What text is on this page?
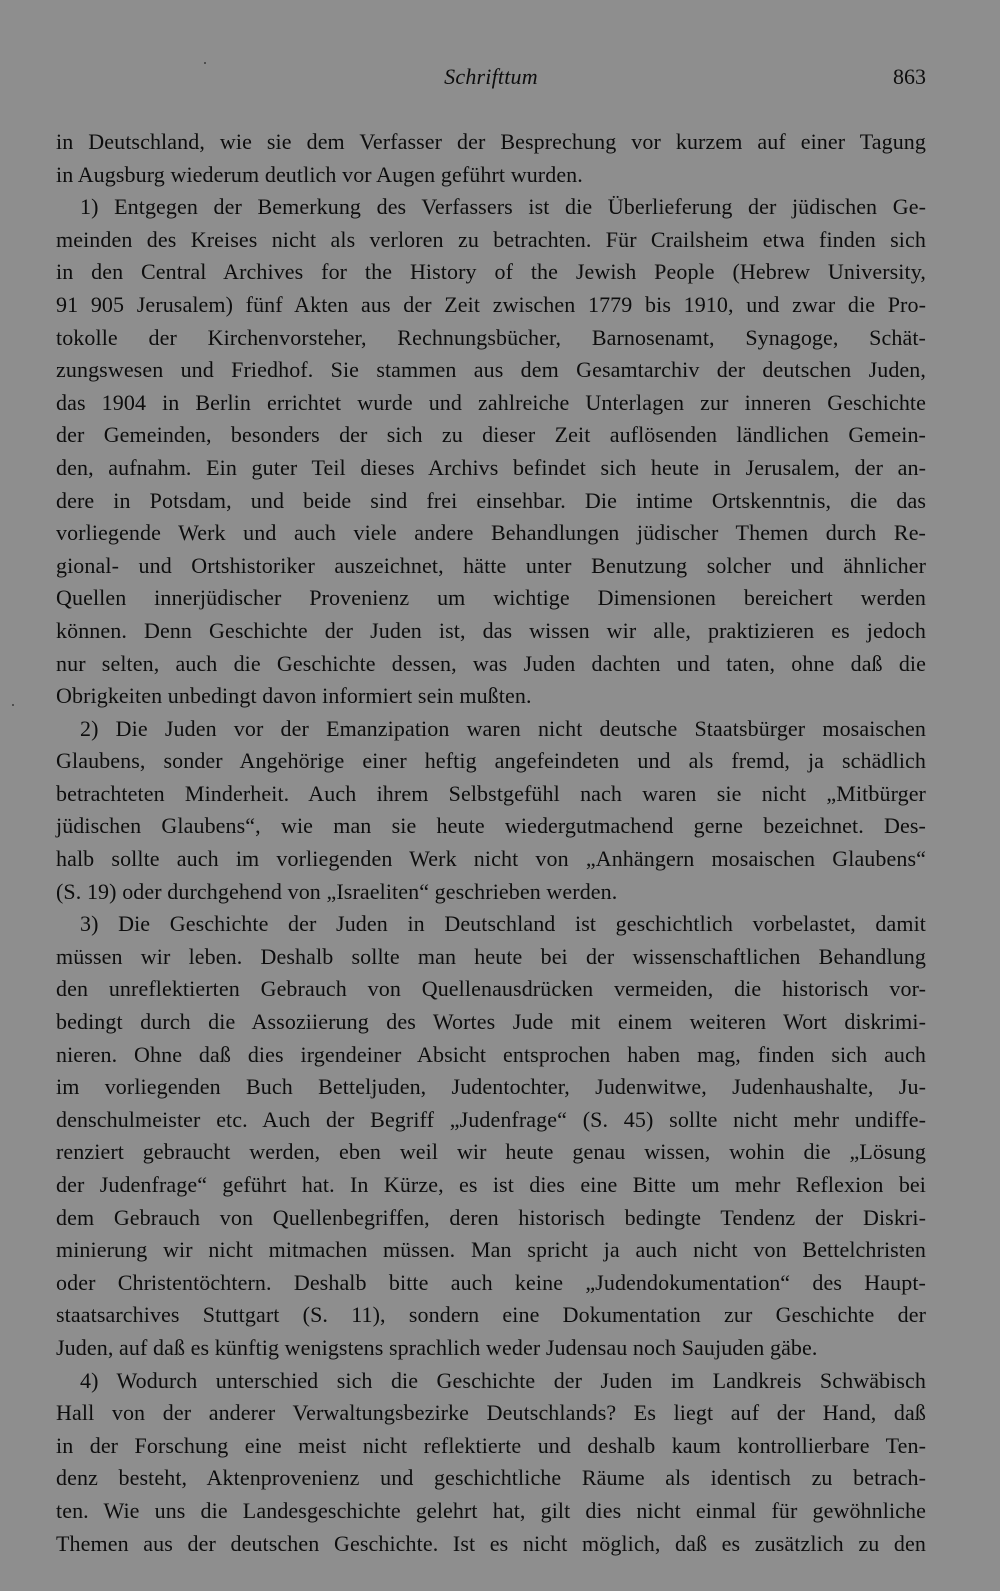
Schrifttum	863
in Deutschland, wie sie dem Verfasser der Besprechung vor kurzem auf einer Tagung
in Augsburg wiederum deutlich vor Augen geführt wurden.
1) Entgegen der Bemerkung des Verfassers ist die Überlieferung der jüdischen Ge-
meinden des Kreises nicht als verloren zu betrachten. Für Crailsheim etwa finden sich
in den Central Archives for the History of the Jewish People (Hebrew University,
91 905 Jerusalem) fünf Akten aus der Zeit zwischen 1779 bis 1910, und zwar die Pro-
tokolle der Kirchenvorsteher, Rechnungsbücher, Barnosenamt, Synagoge, Schät-
zungswesen und Friedhof. Sie stammen aus dem Gesamtarchiv der deutschen Juden,
das 1904 in Berlin errichtet wurde und zahlreiche Unterlagen zur inneren Geschichte
der Gemeinden, besonders der sich zu dieser Zeit auflösenden ländlichen Gemein-
den, aufnahm. Ein guter Teil dieses Archivs befindet sich heute in Jerusalem, der an-
dere in Potsdam, und beide sind frei einsehbar. Die intime Ortskenntnis, die das
vorliegende Werk und auch viele andere Behandlungen jüdischer Themen durch Re-
gional- und Ortshistoriker auszeichnet, hätte unter Benutzung solcher und ähnlicher
Quellen innerjüdischer Provenienz um wichtige Dimensionen bereichert werden
können. Denn Geschichte der Juden ist, das wissen wir alle, praktizieren es jedoch
nur selten, auch die Geschichte dessen, was Juden dachten und taten, ohne daß die
Obrigkeiten unbedingt davon informiert sein mußten.
2) Die Juden vor der Emanzipation waren nicht deutsche Staatsbürger mosaischen
Glaubens, sonder Angehörige einer heftig angefeindeten und als fremd, ja schädlich
betrachteten Minderheit. Auch ihrem Selbstgefühl nach waren sie nicht „Mitbürger
jüdischen Glaubens“, wie man sie heute wiedergutmachend gerne bezeichnet. Des-
halb sollte auch im vorliegenden Werk nicht von „Anhängern mosaischen Glaubens“
(S. 19) oder durchgehend von „Israeliten“ geschrieben werden.
3) Die Geschichte der Juden in Deutschland ist geschichtlich vorbelastet, damit
müssen wir leben. Deshalb sollte man heute bei der wissenschaftlichen Behandlung
den unreflektierten Gebrauch von Quellenausdrücken vermeiden, die historisch vor-
bedingt durch die Assoziierung des Wortes Jude mit einem weiteren Wort diskrimi-
nieren. Ohne daß dies irgendeiner Absicht entsprochen haben mag, finden sich auch
im vorliegenden Buch Betteljuden, Judentochter, Judenwitwe, Judenhaushalte, Ju-
denschulmeister etc. Auch der Begriff „Judenfrage“ (S. 45) sollte nicht mehr undiffe-
renziert gebraucht werden, eben weil wir heute genau wissen, wohin die „Lösung
der Judenfrage“ geführt hat. In Kürze, es ist dies eine Bitte um mehr Reflexion bei
dem Gebrauch von Quellenbegriffen, deren historisch bedingte Tendenz der Diskri-
minierung wir nicht mitmachen müssen. Man spricht ja auch nicht von Bettelchristen
oder Christentöchtern. Deshalb bitte auch keine „Judendokumentation“ des Haupt-
staatsarchives Stuttgart (S. 11), sondern eine Dokumentation zur Geschichte der
Juden, auf daß es künftig wenigstens sprachlich weder Judensau noch Saujuden gäbe.
4) Wodurch unterschied sich die Geschichte der Juden im Landkreis Schwäbisch
Hall von der anderer Verwaltungsbezirke Deutschlands? Es liegt auf der Hand, daß
in der Forschung eine meist nicht reflektierte und deshalb kaum kontrollierbare Ten-
denz besteht, Aktenprovenienz und geschichtliche Räume als identisch zu betrach-
ten. Wie uns die Landesgeschichte gelehrt hat, gilt dies nicht einmal für gewöhnliche
Themen aus der deutschen Geschichte. Ist es nicht möglich, daß es zusätzlich zu den
